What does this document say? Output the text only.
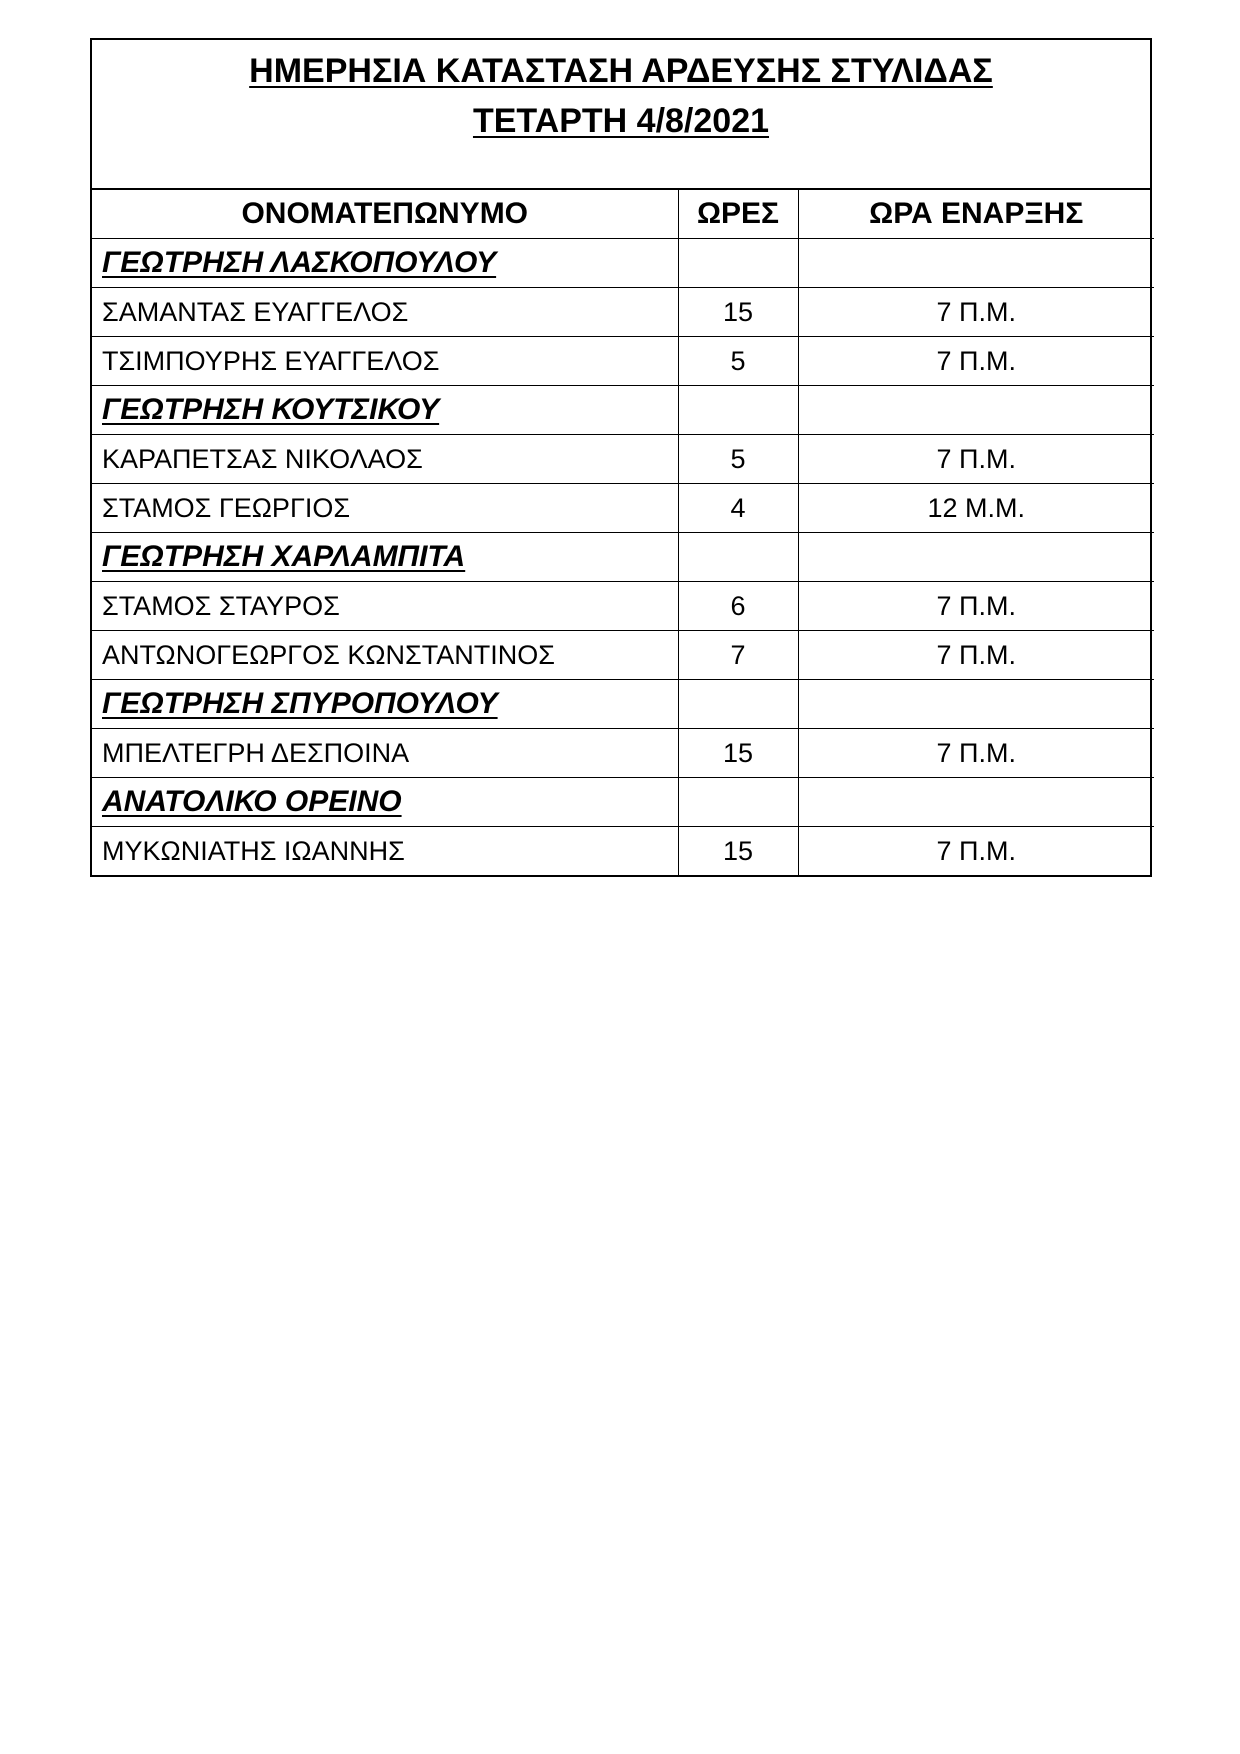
ΗΜΕΡΗΣΙΑ ΚΑΤΑΣΤΑΣΗ ΑΡΔΕΥΣΗΣ ΣΤΥΛΙΔΑΣ
ΤΕΤΑΡΤΗ 4/8/2021
ΟΝΟΜΑΤΕΠΩΝΥΜΟ	ΩΡΕΣ	ΩΡΑ ΕΝΑΡΞΗΣ
ΓΕΩΤΡΗΣΗ ΛΑΣΚΟΠΟΥΛΟΥ		
ΣΑΜΑΝΤΑΣ ΕΥΑΓΓΕΛΟΣ	15	7 Π.Μ.
ΤΣΙΜΠΟΥΡΗΣ ΕΥΑΓΓΕΛΟΣ	5	7 Π.Μ.
ΓΕΩΤΡΗΣΗ ΚΟΥΤΣΙΚΟΥ		
ΚΑΡΑΠΕΤΣΑΣ ΝΙΚΟΛΑΟΣ	5	7 Π.Μ.
ΣΤΑΜΟΣ ΓΕΩΡΓΙΟΣ	4	12 Μ.Μ.
ΓΕΩΤΡΗΣΗ ΧΑΡΛΑΜΠΙΤΑ		
ΣΤΑΜΟΣ ΣΤΑΥΡΟΣ	6	7 Π.Μ.
ΑΝΤΩΝΟΓΕΩΡΓΟΣ ΚΩΝΣΤΑΝΤΙΝΟΣ	7	7 Π.Μ.
ΓΕΩΤΡΗΣΗ ΣΠΥΡΟΠΟΥΛΟΥ		
ΜΠΕΛΤΕΓΡΗ ΔΕΣΠΟΙΝΑ	15	7 Π.Μ.
ΑΝΑΤΟΛΙΚΟ ΟΡΕΙΝΟ		
ΜΥΚΩΝΙΑΤΗΣ ΙΩΑΝΝΗΣ	15	7 Π.Μ.
